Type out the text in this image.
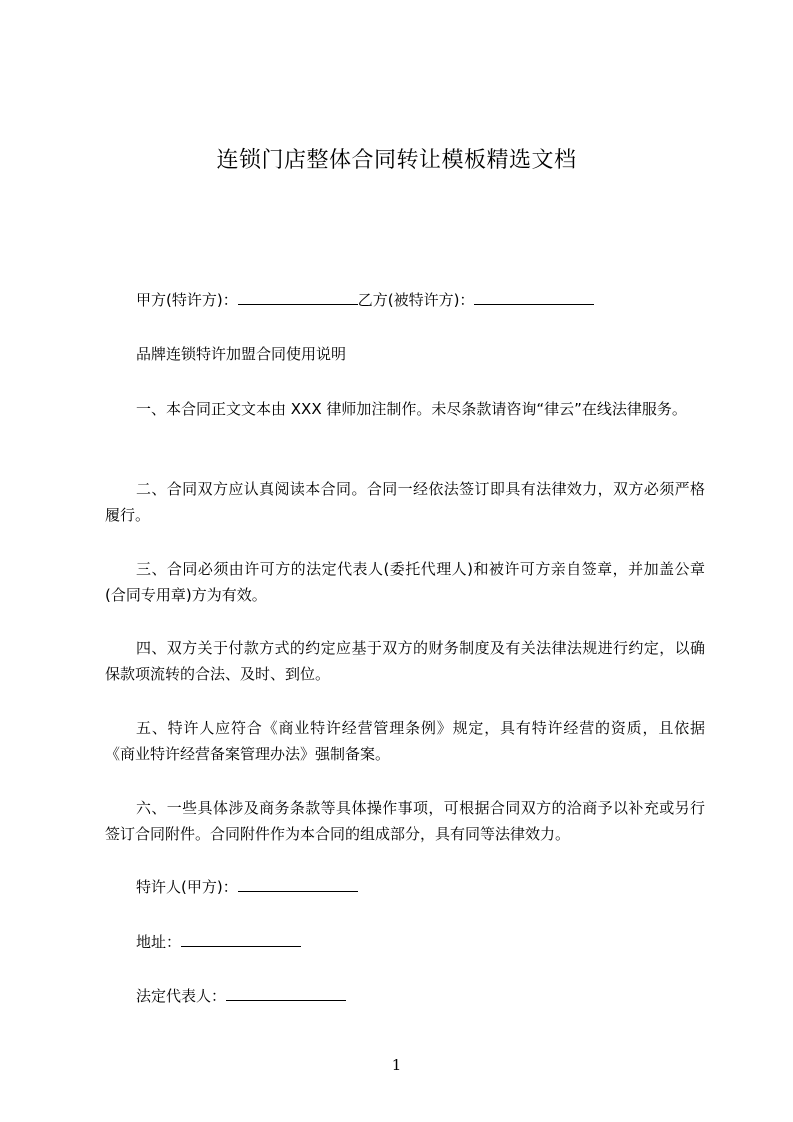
连锁门店整体合同转让模板精选文档
甲方(特许方)：	乙方(被特许方)：
品牌连锁特许加盟合同使用说明
一、本合同正文文本由 XXX 律师加注制作。未尽条款请咨询“律云”在线法律服务。
二、合同双方应认真阅读本合同。合同一经依法签订即具有法律效力，双方必须严格履行。
三、合同必须由许可方的法定代表人(委托代理人)和被许可方亲自签章，并加盖公章(合同专用章)方为有效。
四、双方关于付款方式的约定应基于双方的财务制度及有关法律法规进行约定，以确保款项流转的合法、及时、到位。
五、特许人应符合《商业特许经营管理条例》规定，具有特许经营的资质，且依据《商业特许经营备案管理办法》强制备案。
六、一些具体涉及商务条款等具体操作事项，可根据合同双方的洽商予以补充或另行签订合同附件。合同附件作为本合同的组成部分，具有同等法律效力。
特许人(甲方)：
地址：
法定代表人：
1
